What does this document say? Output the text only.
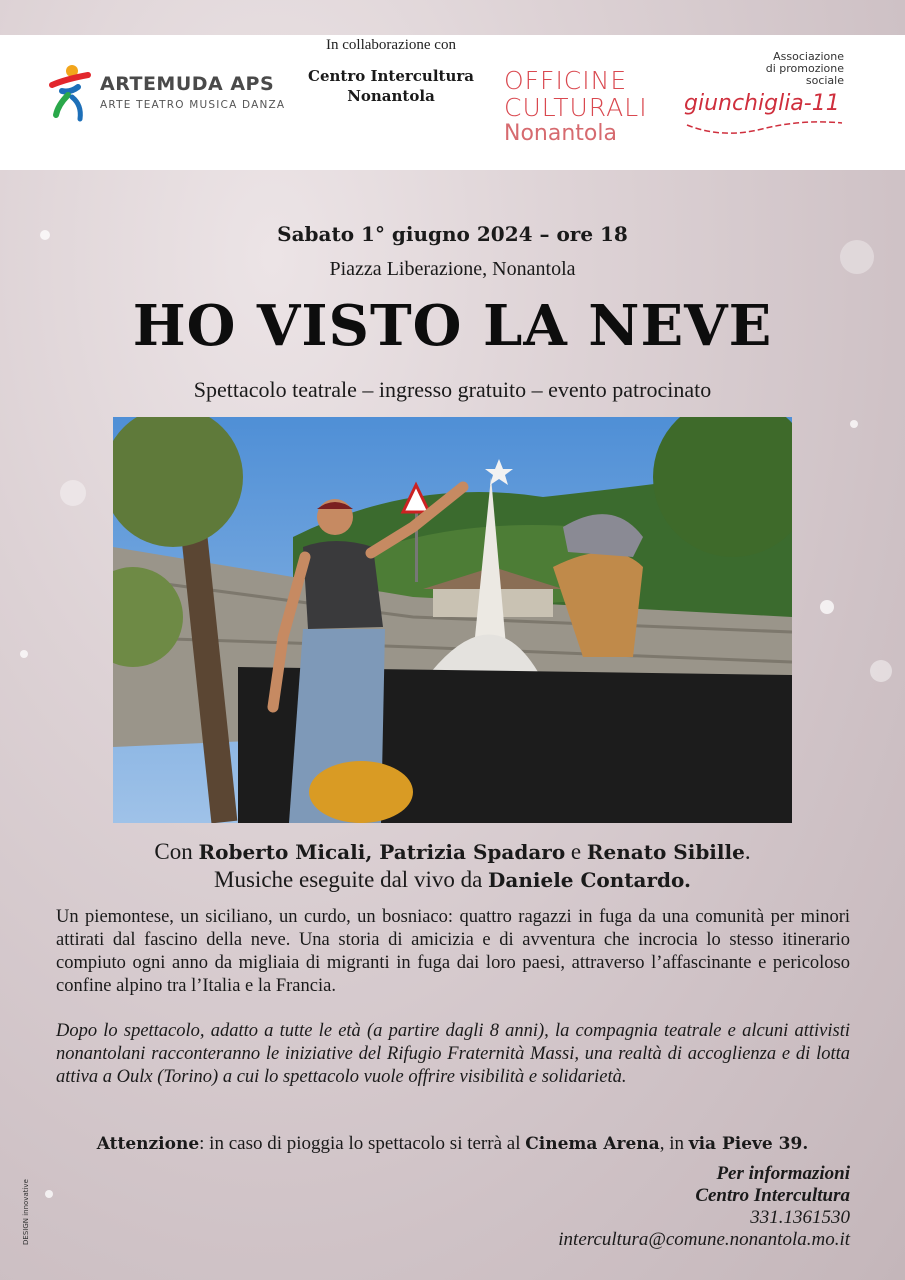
ARTEMUDA APS
ARTE TEATRO MUSICA DANZA
In collaborazione con
Centro Intercultura
Nonantola
OFFICINE
CULTURALI
Nonantola
Associazione
di promozione
sociale
giunchiglia-11
Sabato 1° giugno 2024 – ore 18
Piazza Liberazione, Nonantola
HO VISTO LA NEVE
Spettacolo teatrale – ingresso gratuito – evento patrocinato
Con Roberto Micali, Patrizia Spadaro e Renato Sibille.
Musiche eseguite dal vivo da Daniele Contardo.
Un piemontese, un siciliano, un curdo, un bosniaco: quattro ragazzi in fuga da una comunità per minori attirati dal fascino della neve. Una storia di amicizia e di avventura che incrocia lo stesso itinerario compiuto ogni anno da migliaia di migranti in fuga dai loro paesi, attraverso l’affascinante e pericoloso confine alpino tra l’Italia e la Francia.
Dopo lo spettacolo, adatto a tutte le età (a partire dagli 8 anni), la compagnia teatrale e alcuni attivisti nonantolani racconteranno le iniziative del Rifugio Fraternità Massi, una realtà di accoglienza e di lotta attiva a Oulx (Torino) a cui lo spettacolo vuole offrire visibilità e solidarietà.
Attenzione: in caso di pioggia lo spettacolo si terrà al Cinema Arena, in via Pieve 39.
Per informazioni
Centro Intercultura
331.1361530
intercultura@comune.nonantola.mo.it
DESIGN innovative
